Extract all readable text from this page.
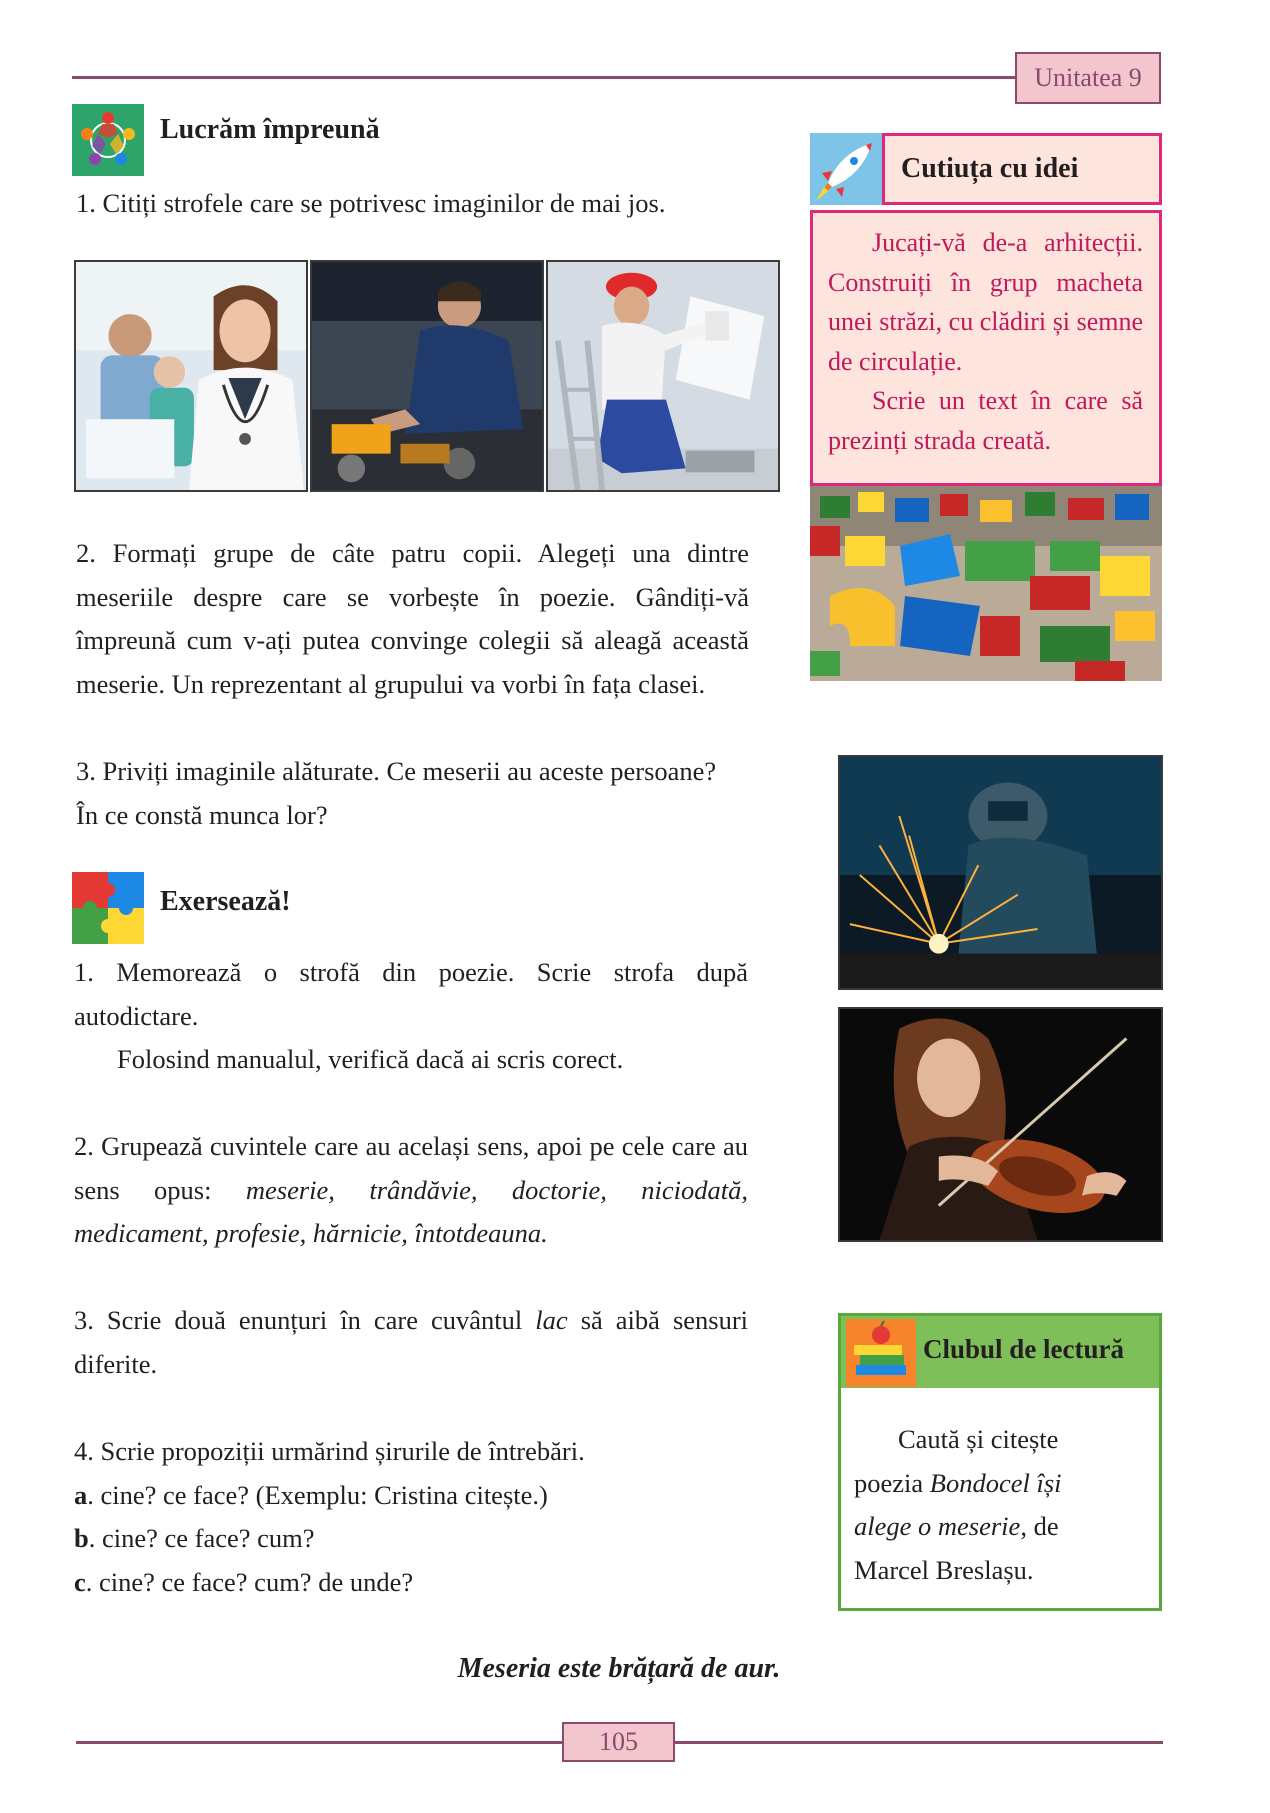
Unitatea 9
Lucrăm împreună
1. Citiți strofele care se potrivesc imaginilor de mai jos.
2. Formați grupe de câte patru copii. Alegeți una dintre meseriile despre care se vorbește în poezie. Gândiți-vă împreună cum v-ați putea convinge colegii să aleagă această meserie. Un reprezentant al grupului va vorbi în fața clasei.
3. Priviți imaginile alăturate. Ce meserii au aceste persoane?
În ce constă munca lor?
Exersează!
1. Memorează o strofă din poezie. Scrie strofa după autodictare.
Folosind manualul, verifică dacă ai scris corect.
2. Grupează cuvintele care au același sens, apoi pe cele care au sens opus: meserie, trândăvie, doctorie, niciodată, medicament, profesie, hărnicie, întotdeauna.
3. Scrie două enunțuri în care cuvântul lac să aibă sensuri diferite.
4. Scrie propoziții urmărind șirurile de întrebări.
a. cine? ce face? (Exemplu: Cristina citește.)
b. cine? ce face? cum?
c. cine? ce face? cum? de unde?
Cutiuța cu idei
Jucați-vă de-a arhitecții. Construiți în grup macheta unei străzi, cu clădiri și semne de circulație.
Scrie un text în care să prezinți strada creată.
Clubul de lectură
Caută și citește
poezia Bondocel își
alege o meserie, de
Marcel Breslașu.
Meseria este brățară de aur.
105
